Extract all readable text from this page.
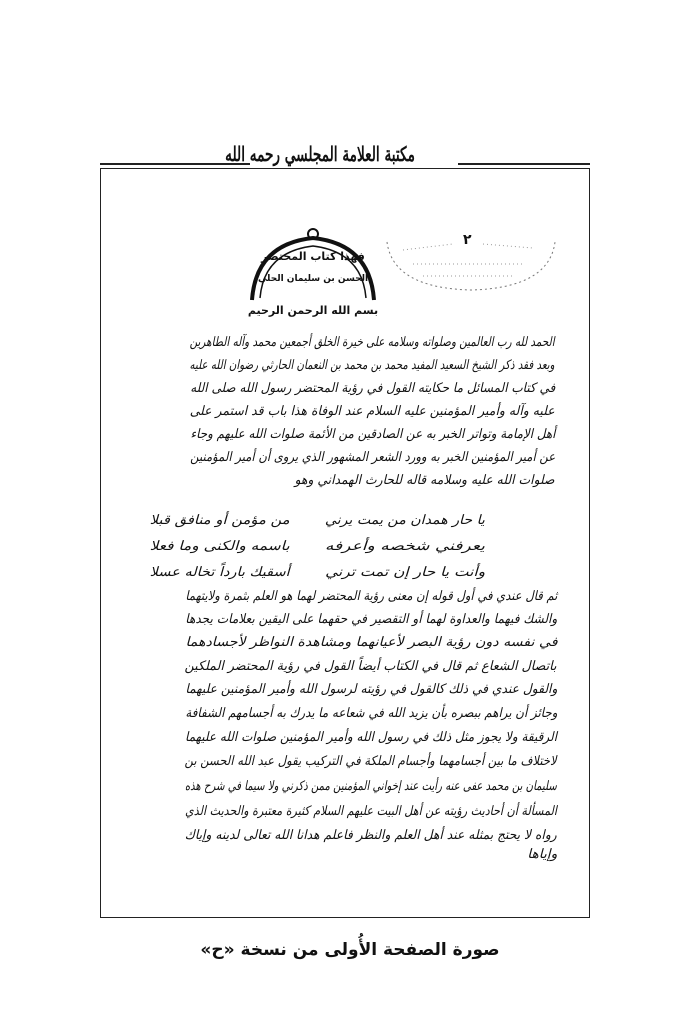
مكتبة العلامة المجلسي رحمه الله
فهذا كتاب المحتضر
الحسن بن سليمان الحلي
بسم الله الرحمن الرحيم
٢
الحمد لله رب العالمين وصلواته وسلامه على خيرة الخلق أجمعين محمد وآله الطاهرين
وبعد فقد ذكر الشيخ السعيد المفيد محمد بن محمد بن النعمان الحارثي رضوان الله عليه
في كتاب المسائل ما حكايته القول في رؤية المحتضر رسول الله صلى الله
عليه وآله وأمير المؤمنين عليه السلام عند الوفاة هذا باب قد استمر على
أهل الإمامة وتواتر الخبر به عن الصادقين من الأئمة صلوات الله عليهم وجاء
عن أمير المؤمنين الخبر به وورد الشعر المشهور الذي يروى أن أمير المؤمنين
صلوات الله عليه وسلامه قاله للحارث الهمداني وهو
يا حار همدان من يمت يرني
من مؤمن أو منافق قبلا
يعرفني شخصه وأعرفه
باسمه والكنى وما فعلا
وأنت يا حار إن تمت ترني
أسقيك بارداً تخاله عسلا
ثم قال عندي في أول قوله إن معنى رؤية المحتضر لهما هو العلم بثمرة ولايتهما
والشك فيهما والعداوة لهما أو التقصير في حقهما على اليقين بعلامات يجدها
في نفسه دون رؤية البصر لأعيانهما ومشاهدة النواظر لأجسادهما
باتصال الشعاع ثم قال في الكتاب أيضاً القول في رؤية المحتضر الملكين
والقول عندي في ذلك كالقول في رؤيته لرسول الله وأمير المؤمنين عليهما
وجائز أن يراهم ببصره بأن يزيد الله في شعاعه ما يدرك به أجسامهم الشفافة
الرقيقة ولا يجوز مثل ذلك في رسول الله وأمير المؤمنين صلوات الله عليهما
لاختلاف ما بين أجسامهما وأجسام الملكة في التركيب يقول عبد الله الحسن بن
سليمان بن محمد عفى عنه رأيت عند إخواني المؤمنين ممن ذكرني ولا سيما في شرح هذه
المسألة أن أحاديث رؤيته عن أهل البيت عليهم السلام كثيرة معتبرة والحديث الذي
رواه لا يحتج بمثله عند أهل العلم والنظر فاعلم هدانا الله تعالى لدينه وإياك
وإياها
صورة الصفحة الأُولى من نسخة «ح»
